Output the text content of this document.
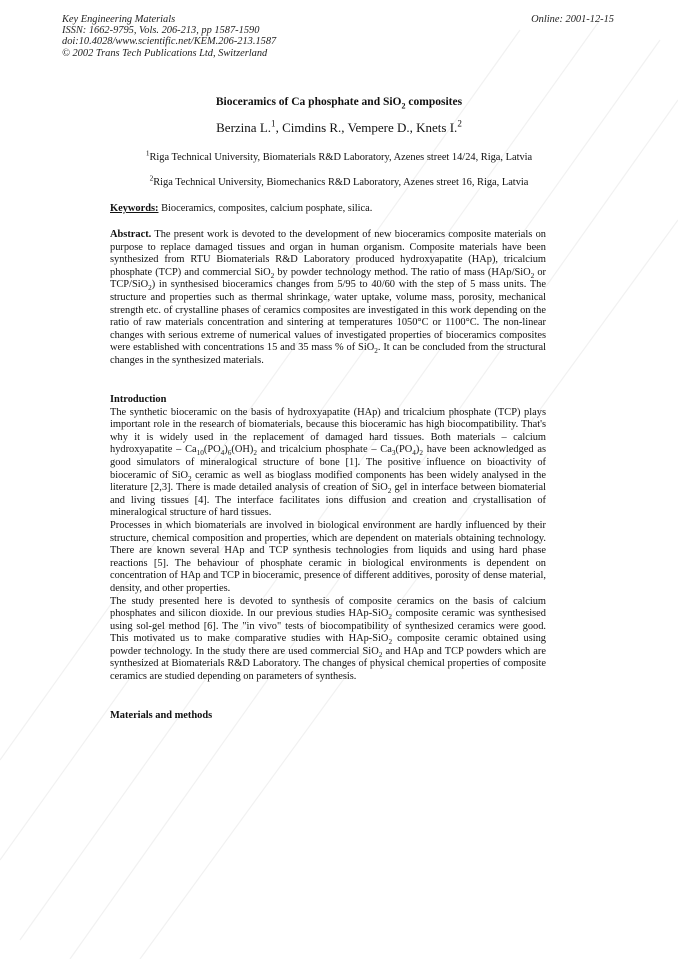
Key Engineering Materials
ISSN: 1662-9795, Vols. 206-213, pp 1587-1590
doi:10.4028/www.scientific.net/KEM.206-213.1587
© 2002 Trans Tech Publications Ltd, Switzerland
Online: 2001-12-15
Bioceramics of Ca phosphate and SiO$_2$ composites
Berzina L.$^1$, Cimdins R., Vempere D., Knets I.$^2$
$^1$Riga Technical University, Biomaterials R&D Laboratory, Azenes street 14/24, Riga, Latvia
$^2$Riga Technical University, Biomechanics R&D Laboratory, Azenes street 16, Riga, Latvia
Keywords: Bioceramics, composites, calcium posphate, silica.

Abstract. The present work is devoted to the development of new bioceramics composite materials on purpose to replace damaged tissues and organ in human organism. Composite materials have been synthesized from RTU Biomaterials R&D Laboratory produced hydroxyapatite (HAp), tricalcium phosphate (TCP) and commercial SiO$_2$ by powder technology method. The ratio of mass (HAp/SiO$_2$ or TCP/SiO$_2$) in synthesised bioceramics changes from 5/95 to 40/60 with the step of 5 mass units. The structure and properties such as thermal shrinkage, water uptake, volume mass, porosity, mechanical strength etc. of crystalline phases of ceramics composites are investigated in this work depending on the ratio of raw materials concentration and sintering at temperatures 1050°C or 1100°C. The non-linear changes with serious extreme of numerical values of investigated properties of bioceramics composites were established with concentrations 15 and 35 mass % of SiO$_2$. It can be concluded from the structural changes in the synthesized materials.

Introduction

The synthetic bioceramic on the basis of hydroxyapatite (HAp) and tricalcium phosphate (TCP) plays important role in the research of biomaterials, because this bioceramic has high biocompatibility. That's why it is widely used in the replacement of damaged hard tissues. Both materials – calcium hydroxyapatite – $Ca_{10}(PO_4)_6(OH)_2$ and tricalcium phosphate – $Ca_3(PO_4)_2$ have been acknowledged as good simulators of mineralogical structure of bone [1]. The positive influence on bioactivity of bioceramic of SiO$_2$ ceramic as well as bioglass modified components has been widely analysed in the literature [2,3]. There is made detailed analysis of creation of SiO$_2$ gel in interface between biomaterial and living tissues [4]. The interface facilitates ions diffusion and creation and crystallisation of mineralogical structure of hard tissues.

Processes in which biomaterials are involved in biological environment are hardly influenced by their structure, chemical composition and properties, which are dependent on materials obtaining technology. There are known several HAp and TCP synthesis technologies from liquids and using hard phase reactions [5]. The behaviour of phosphate ceramic in biological environments is dependent on concentration of HAp and TCP in bioceramic, presence of different additives, porosity of dense material, density, and other properties.

The study presented here is devoted to synthesis of composite ceramics on the basis of calcium phosphates and silicon dioxide. In our previous studies HAp-SiO$_2$ composite ceramic was synthesised using sol-gel method [6]. The "in vivo" tests of biocompatibility of synthesized ceramics were good. This motivated us to make comparative studies with HAp-SiO$_2$ composite ceramic obtained using powder technology. In the study there are used commercial SiO$_2$ and HAp and TCP powders which are synthesized at Biomaterials R&D Laboratory. The changes of physical chemical properties of composite ceramics are studied depending on parameters of synthesis.

Materials and methods
